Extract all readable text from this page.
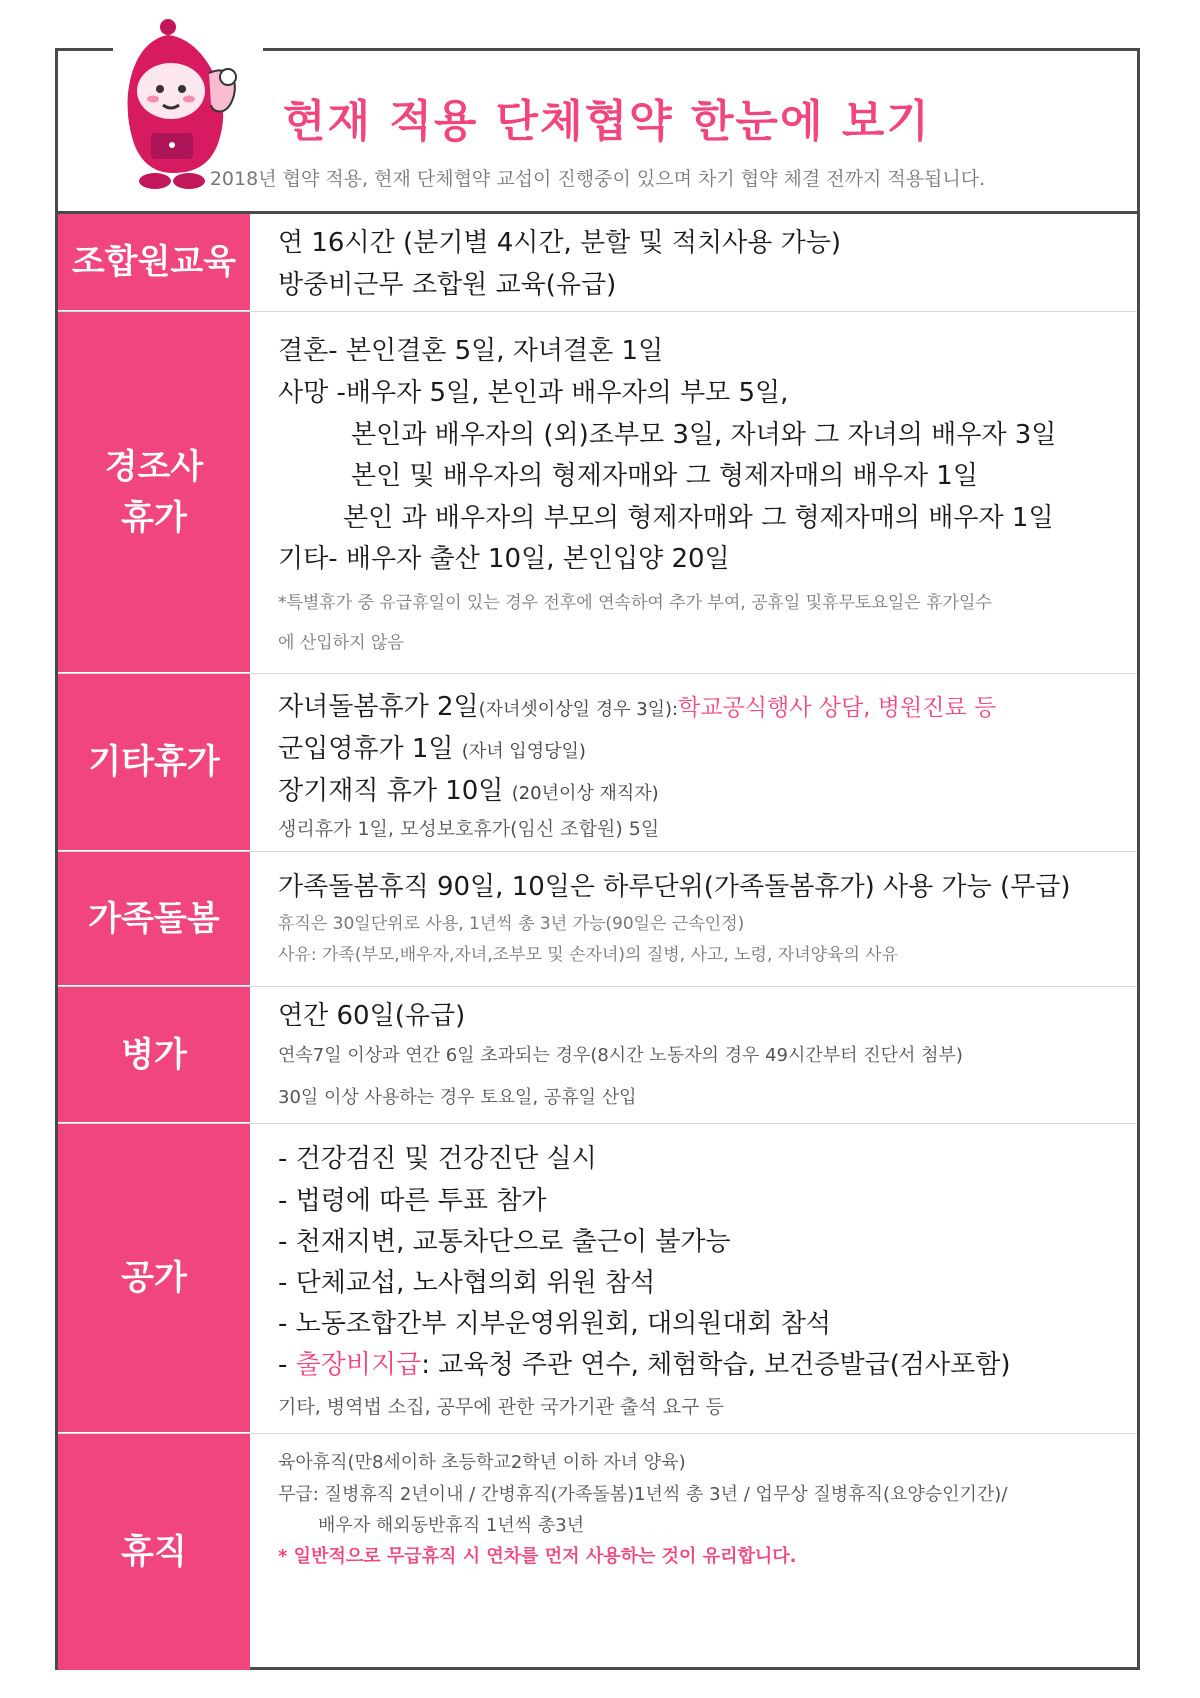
현재 적용 단체협약 한눈에 보기
2018년 협약 적용, 현재 단체협약 교섭이 진행중이 있으며 차기 협약 체결 전까지 적용됩니다.
조합원교육 연 16시간 (분기별 4시간, 분할 및 적치사용 가능)
방중비근무 조합원 교육(유급)
경조사
휴가
결혼- 본인결혼 5일, 자녀결혼 1일
사망 -배우자 5일, 본인과 배우자의 부모 5일,
본인과 배우자의 (외)조부모 3일, 자녀와 그 자녀의 배우자 3일
본인 및 배우자의 형제자매와 그 형제자매의 배우자 1일
본인 과 배우자의 부모의 형제자매와 그 형제자매의 배우자 1일
기타- 배우자 출산 10일, 본인입양 20일
*특별휴가 중 유급휴일이 있는 경우 전후에 연속하여 추가 부여, 공휴일 및휴무토요일은 휴가일수
에 산입하지 않음
기타휴가
자녀돌봄휴가 2일(자녀셋이상일 경우 3일):학교공식행사 상담, 병원진료 등
군입영휴가 1일 (자녀 입영당일)
장기재직 휴가 10일 (20년이상 재직자)
생리휴가 1일, 모성보호휴가(임신 조합원) 5일
가족돌봄
가족돌봄휴직 90일, 10일은 하루단위(가족돌봄휴가) 사용 가능 (무급)
휴직은 30일단위로 사용, 1년씩 총 3년 가능(90일은 근속인정)
사유: 가족(부모,배우자,자녀,조부모 및 손자녀)의 질병, 사고, 노령, 자녀양육의 사유
병가
연간 60일(유급)
연속7일 이상과 연간 6일 초과되는 경우(8시간 노동자의 경우 49시간부터 진단서 첨부)
30일 이상 사용하는 경우 토요일, 공휴일 산입
공가
- 건강검진 및 건강진단 실시
- 법령에 따른 투표 참가
- 천재지변, 교통차단으로 출근이 불가능
- 단체교섭, 노사협의회 위원 참석
- 노동조합간부 지부운영위원회, 대의원대회 참석
- 출장비지급: 교육청 주관 연수, 체험학습, 보건증발급(검사포함)
기타, 병역법 소집, 공무에 관한 국가기관 출석 요구 등
휴직
육아휴직(만8세이하 초등학교2학년 이하 자녀 양육)
무급: 질병휴직 2년이내 / 간병휴직(가족돌봄)1년씩 총 3년 / 업무상 질병휴직(요양승인기간)/
배우자 해외동반휴직 1년씩 총3년
* 일반적으로 무급휴직 시 연차를 먼저 사용하는 것이 유리합니다.
